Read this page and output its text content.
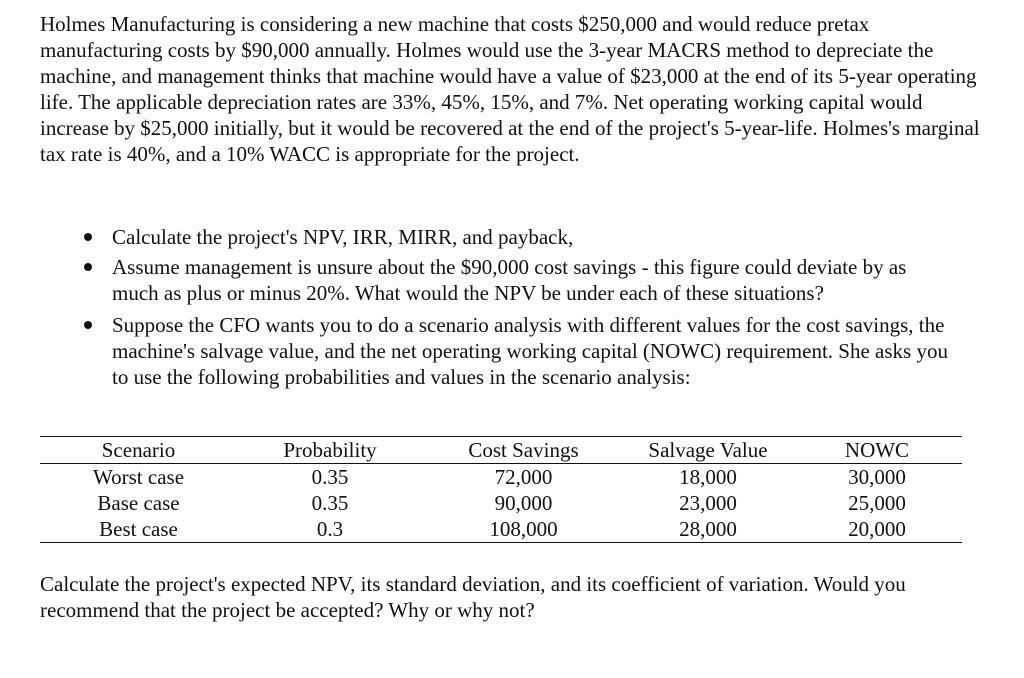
Holmes Manufacturing is considering a new machine that costs $250,000 and would reduce pretax manufacturing costs by $90,000 annually. Holmes would use the 3-year MACRS method to depreciate the machine, and management thinks that machine would have a value of $23,000 at the end of its 5-year operating life. The applicable depreciation rates are 33%, 45%, 15%, and 7%. Net operating working capital would increase by $25,000 initially, but it would be recovered at the end of the project's 5-year-life. Holmes's marginal tax rate is 40%, and a 10% WACC is appropriate for the project.

Calculate the project's NPV, IRR, MIRR, and payback,
Assume management is unsure about the $90,000 cost savings - this figure could deviate by as much as plus or minus 20%. What would the NPV be under each of these situations?
Suppose the CFO wants you to do a scenario analysis with different values for the cost savings, the machine's salvage value, and the net operating working capital (NOWC) requirement. She asks you to use the following probabilities and values in the scenario analysis:
Scenario	Probability	Cost Savings	Salvage Value	NOWC
Worst case	0.35	72,000	18,000	30,000
Base case	0.35	90,000	23,000	25,000
Best case	0.3	108,000	28,000	20,000

Calculate the project's expected NPV, its standard deviation, and its coefficient of variation. Would you recommend that the project be accepted? Why or why not?
